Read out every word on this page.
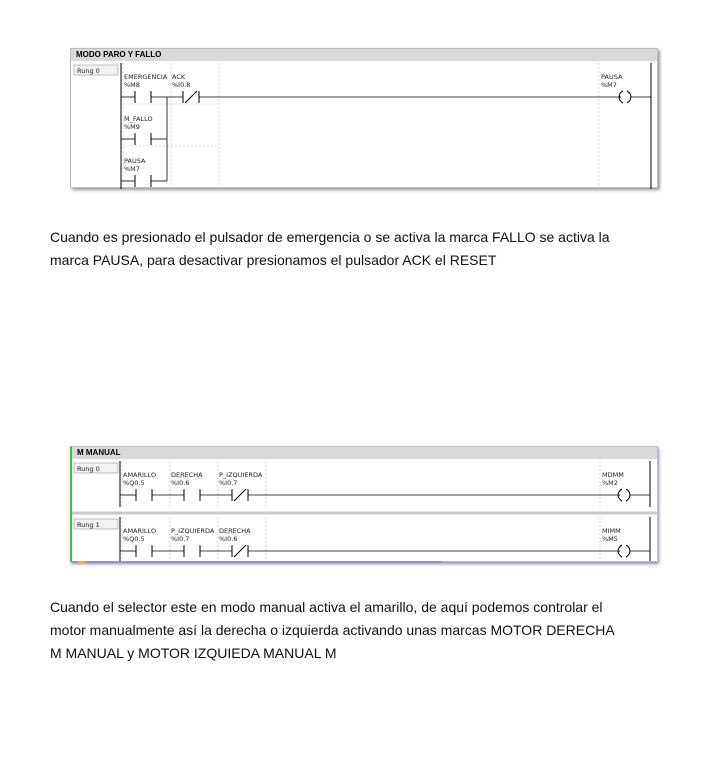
MODO PARO Y FALLO
Rung 0
EMERGENCIA
%M8
ACK
%I0.8
M_FALLO
%M9
PAUSA
%M7
PAUSA
%M7

Cuando es presionado el pulsador de emergencia o se activa la marca FALLO se activa la
marca PAUSA, para desactivar presionamos el pulsador ACK el RESET

M MANUAL
Rung 0
AMARILLO
%Q0.5
DERECHA
%I0.6
P_IZQUIERDA
%I0.7
MDMM
%M2
Rung 1
AMARILLO
%Q0.5
P_IZQUIERDA
%I0.7
DERECHA
%I0.6
MIMM
%M5

Cuando el selector este en modo manual activa el amarillo, de aquí podemos controlar el
motor manualmente así la derecha o izquierda activando unas marcas MOTOR DERECHA
M MANUAL y MOTOR IZQUIEDA MANUAL M
